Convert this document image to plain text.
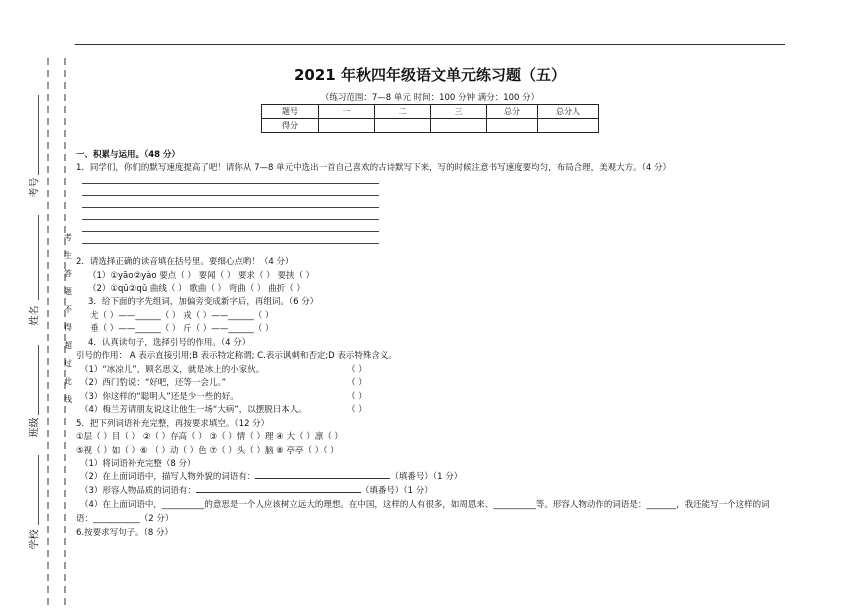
考号
姓名
班级
学校
考
生
答
题
不
得
超
过
此
线
2021 年秋四年级语文单元练习题（五）
（练习范围：7—8 单元 时间：100 分钟 满分：100 分）
题号	一	二	三	总分	总分人
得分					
一、积累与运用。（48 分）
1．同学们，你们的默写速度提高了吧！请你从 7—8 单元中选出一首自己喜欢的古诗默写下来，写的时候注意书写速度要均匀，布局合理，美观大方。（4 分）
2．请选择正确的读音填在括号里。要细心点哟！（4 分）
（1）①yāo②yào 要点（ ） 要闻（ ） 要求（ ） 要挟（ ）
（2）①qū②qǔ 曲线（ ） 歌曲（ ） 弯曲（ ） 曲折（ ）
3．给下面的字先组词，加偏旁变成新字后，再组词。（6 分）
尤（ ）——______（ ） 戎（ ）——______（ ）
垂（ ）——______（ ） 斤（ ）——______（ ）
4．认真读句子，选择引号的作用。（4 分）
引号的作用： A 表示直接引用;B 表示特定称谓; C.表示讽刺和否定;D 表示特殊含义。
（1）“冰凉儿”，顾名思义，就是冰上的小家伙。	（ ）
（2）西门豹说：“好吧，还等一会儿。”	（ ）
（3）你这样的“聪明人”还是少一些的好。	（ ）
（4）梅兰芳请朋友说这让他生一场“大病”，以摆脱日本人。	（ ）
5．把下列词语补充完整，再按要求填空。（12 分）
①层（ ）目（ ） ②（ ）存高（ ） ③（ ）情（ ）理 ④ 大（ ）凛（ ）
⑤视（ ）如（ ）⑥ （ ）动（ ）色 ⑦（ ）头（ ）脑 ⑧ 亭亭（ ）（ ）
（1）将词语补充完整（8 分）
（2）在上面词语中，描写人物外貌的词语有：	（填番号）（1 分）
（3）形容人物品质的词语有：	（填番号）（1 分）
（4）在上面词语中，__________的意思是一个人应该树立远大的理想。在中国，这样的人有很多，如周恩来、__________等。形容人物动作的词语是：_______，我还能写一个这样的词
语：___________（2 分）
6.按要求写句子。（8 分）
